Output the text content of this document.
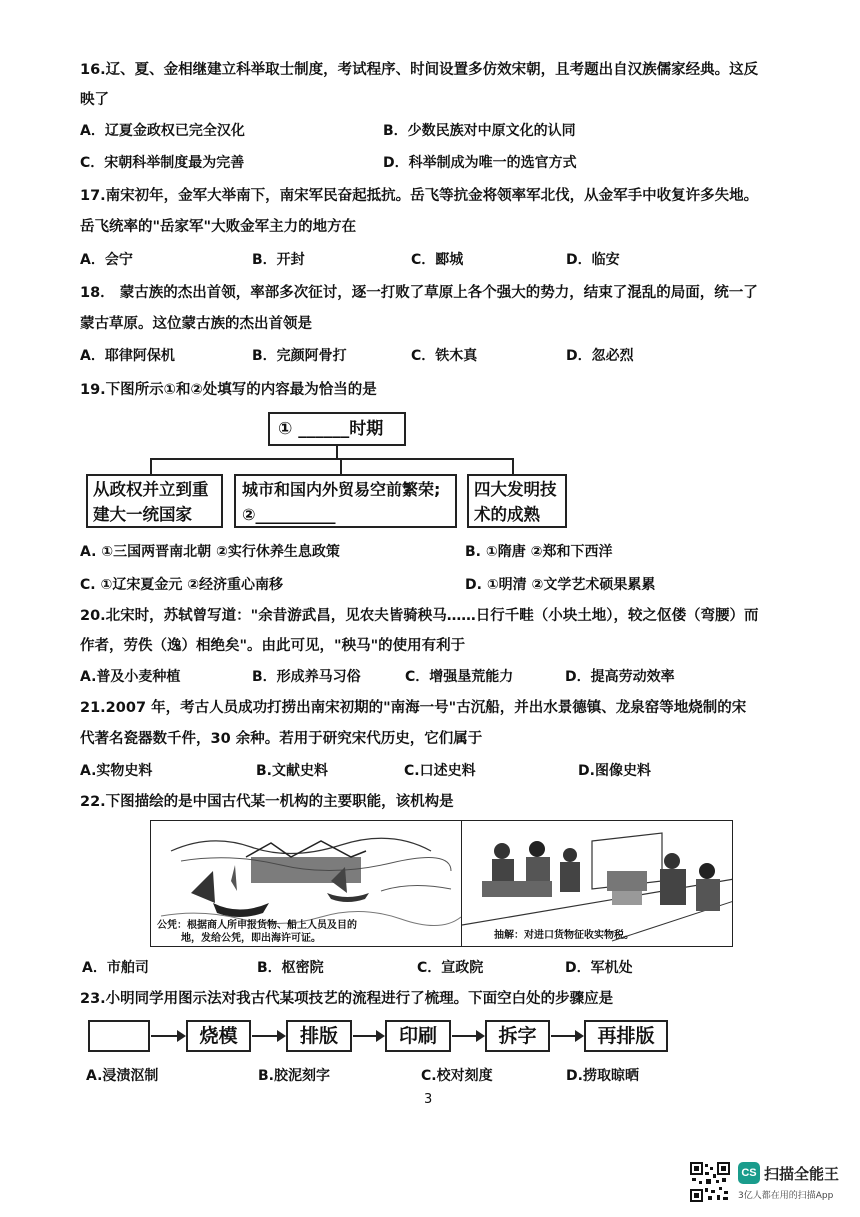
16.辽、夏、金相继建立科举取士制度，考试程序、时间设置多仿效宋朝，且考题出自汉族儒家经典。这反
映了
A．辽夏金政权已完全汉化	B．少数民族对中原文化的认同
C．宋朝科举制度最为完善	D．科举制成为唯一的选官方式
17.南宋初年，金军大举南下，南宋军民奋起抵抗。岳飞等抗金将领率军北伐，从金军手中收复许多失地。
岳飞统率的"岳家军"大败金军主力的地方在
A．会宁	B．开封	C．郾城	D．临安
18． 蒙古族的杰出首领，率部多次征讨，逐一打败了草原上各个强大的势力，结束了混乱的局面，统一了
蒙古草原。这位蒙古族的杰出首领是
A．耶律阿保机	B．完颜阿骨打	C．铁木真	D．忽必烈
19.下图所示①和②处填写的内容最为恰当的是
① ______时期
从政权并立到重
建大一统国家
城市和国内外贸易空前繁荣;
②__________
四大发明技
术的成熟
A. ①三国两晋南北朝 ②实行休养生息政策	B. ①隋唐 ②郑和下西洋
C. ①辽宋夏金元 ②经济重心南移	D. ①明清 ②文学艺术硕果累累
20.北宋时，苏轼曾写道："余昔游武昌，见农夫皆骑秧马……日行千畦（小块土地），较之伛偻（弯腰）而
作者，劳佚（逸）相绝矣"。由此可见，"秧马"的使用有利于
A.普及小麦种植	B．形成养马习俗	C．增强垦荒能力	D．提高劳动效率
21.2007 年，考古人员成功打捞出南宋初期的"南海一号"古沉船，并出水景德镇、龙泉窑等地烧制的宋
代著名瓷器数千件，30 余种。若用于研究宋代历史，它们属于
A.实物史料	B.文献史料	C.口述史料	D.图像史料
22.下图描绘的是中国古代某一机构的主要职能，该机构是
公凭：根据商人所申报货物、船上人员及目的
地，发给公凭，即出海许可证。	抽解：对进口货物征收实物税。
A．市舶司	B．枢密院	C．宣政院	D．军机处
23.小明同学用图示法对我古代某项技艺的流程进行了梳理。下面空白处的步骤应是
烧模	排版	印刷	拆字	再排版
A.浸渍沤制	B.胶泥刻字	C.校对刻度	D.捞取晾晒
3
CS 扫描全能王
3亿人都在用的扫描App
